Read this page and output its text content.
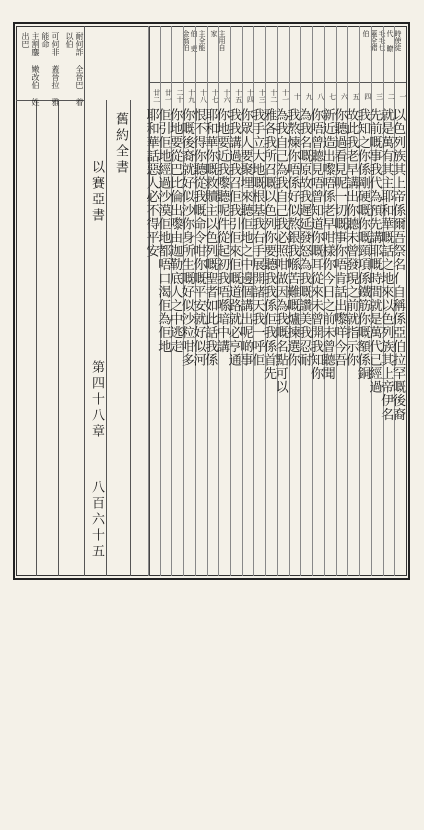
時使徒代 瞭毛毛乜 蓋全錯伯
主用自家
主全能伯 吏金翁伯
一
以色列族其上帝係爾吾祭名亻自稱係亞伯拉罕嘅後裔
二
就是萬有其主耶和華嘅話之地來以色列族其上帝伊名
三
先前嘅事我代為預先講耶嘅時間就是萬代已經過
四
我知之你係剛硬嘅你嘅頸項係鐵筋你嘅額係銅
五
故此我老早講出你聽未曾發現之前就指示你
六
你聽過看見呢一切嘅事你唔肯話出嚟咩今吾
七
新近造出嚟唔係老早咁樣你今日之前未曾聽聞
八
你唔曾聽見唔曾知道你嘅耳從來未曾開我知你
九
為我名嘅原故我遲延發怒為我嘅讚美我忍耐
十
我熬煉你唔係好似熬銀我喺苦難嘅爐揀選你
十一
為我自己為我自己我必照咁做因為我嘅名點可以
十二
雅各我所召嘅以色列你要聽我我係佢我係首先
十三
我手立大地嘅根基我右手展開諸天我一呼佢
十四
你眾人要聚埋來聽佢地之中邊個講出呢啲事
十五
我我講過我召佢我引佢來佢嘅道路就必亨通
十六
你地要近我嚟聽呢件從起初我唔喺暗中講
十七
耶和華你嘅救贖主以色列嘅聖者如此話我係
十八
恨不得你聽從我嘅命令咁你嘅平安就好似河
十九
你嘅後裔就好似沙你身所生嘅好似沙粒咁多
二十
你地要從巴比倫出嚟由迦勒底人之中逃走
廿一
佢引佢地經過沙漠佢地都唔口渴佢為佢地
廿二
耶和華話惡人必不得平安
耐何詐 全晉巴 着以伯
可何非 蓋晉拉 雅能命
主割鏖 嫩改伯 姓出巴
舊約全書
以賽亞書
第四十八章
八百六十五
